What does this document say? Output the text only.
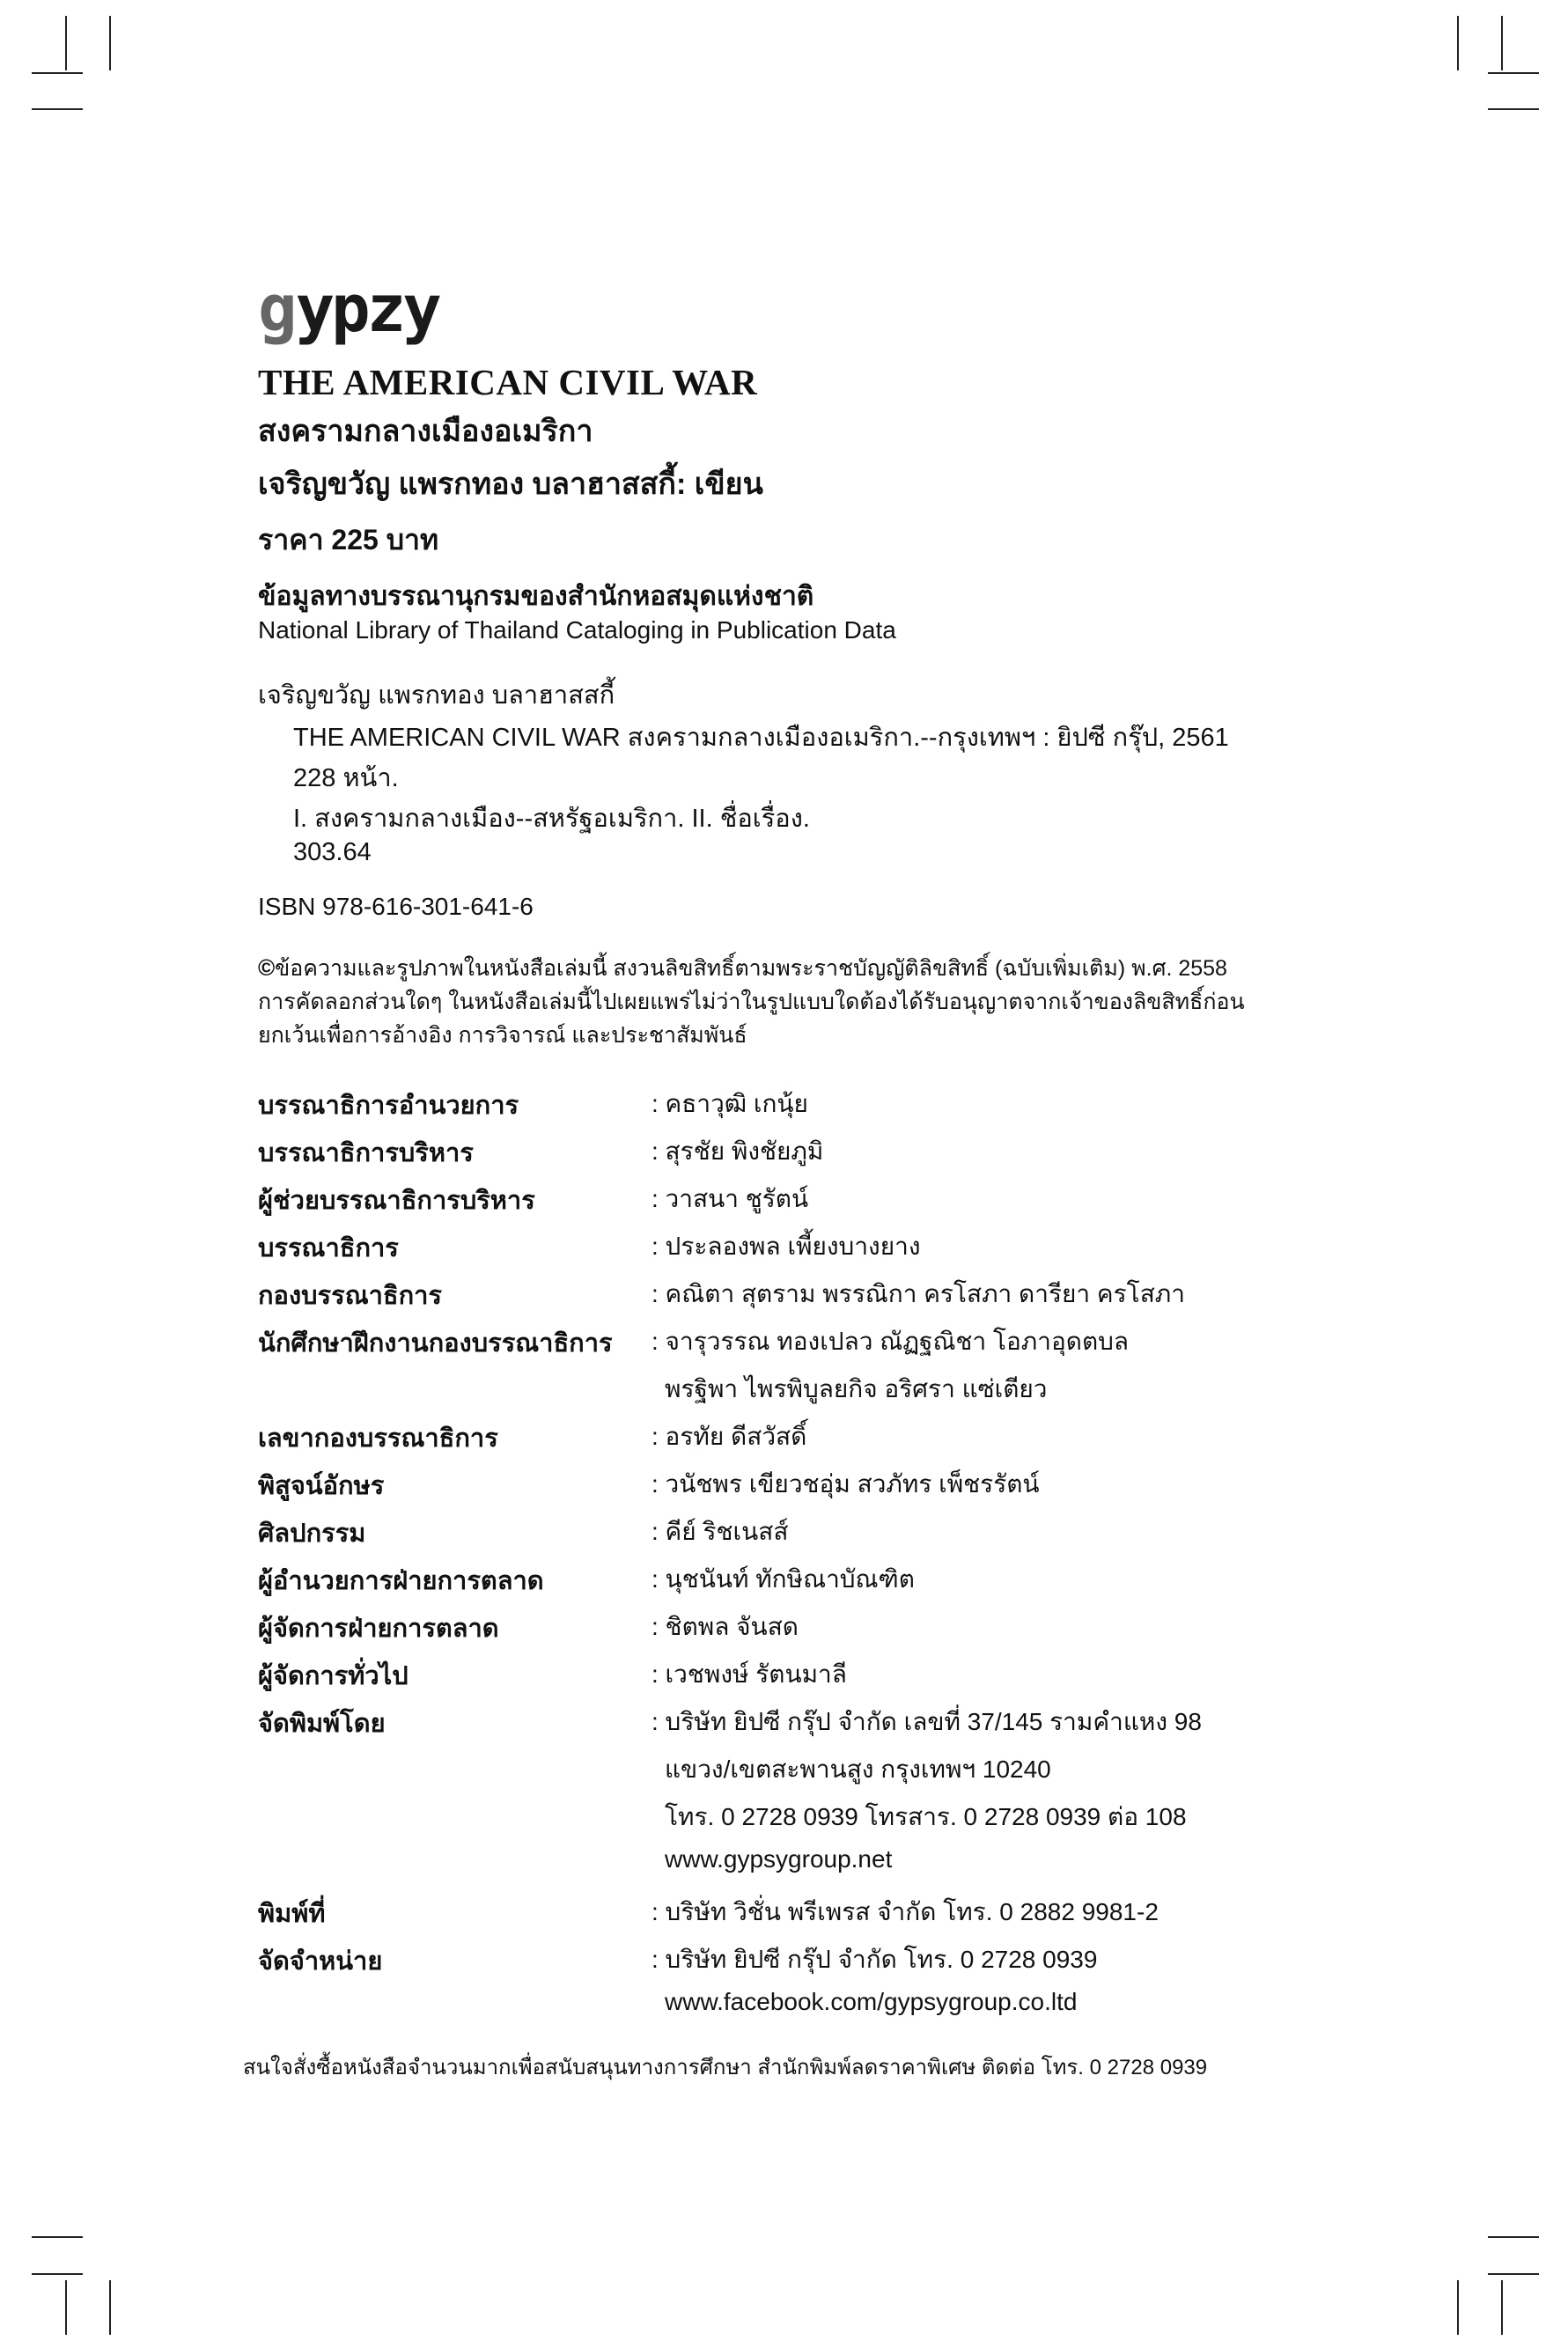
g ypzy
THE AMERICAN CIVIL WAR
สงครามกลางเมืองอเมริกา
เจริญขวัญ แพรกทอง บลาฮาสสกี้: เขียน
ราคา 225 บาท
ข้อมูลทางบรรณานุกรมของสำนักหอสมุดแห่งชาติ
National Library of Thailand Cataloging in Publication Data
เจริญขวัญ แพรกทอง บลาฮาสสกี้
THE AMERICAN CIVIL WAR สงครามกลางเมืองอเมริกา.--กรุงเทพฯ : ยิปซี กรุ๊ป, 2561
228 หน้า.
I. สงครามกลางเมือง--สหรัฐอเมริกา. II. ชื่อเรื่อง.
303.64
ISBN 978-616-301-641-6
©ข้อความและรูปภาพในหนังสือเล่มนี้ สงวนลิขสิทธิ์ตามพระราชบัญญัติลิขสิทธิ์ (ฉบับเพิ่มเติม) พ.ศ. 2558
การคัดลอกส่วนใดๆ ในหนังสือเล่มนี้ไปเผยแพร่ไม่ว่าในรูปแบบใดต้องได้รับอนุญาตจากเจ้าของลิขสิทธิ์ก่อน
ยกเว้นเพื่อการอ้างอิง การวิจารณ์ และประชาสัมพันธ์
บรรณาธิการอำนวยการ	: คธาวุฒิ เกนุ้ย
บรรณาธิการบริหาร	: สุรชัย พิงชัยภูมิ
ผู้ช่วยบรรณาธิการบริหาร	: วาสนา ชูรัตน์
บรรณาธิการ	: ประลองพล เพี้ยงบางยาง
กองบรรณาธิการ	: คณิตา สุตราม พรรณิกา ครโสภา ดารียา ครโสภา
นักศึกษาฝึกงานกองบรรณาธิการ : จารุวรรณ ทองเปลว ณัฏฐณิชา โอภาอุดตบล
พรฐิพา ไพรพิบูลยกิจ อริศรา แซ่เตียว
เลขากองบรรณาธิการ	: อรทัย ดีสวัสดิ์
พิสูจน์อักษร	: วนัชพร เขียวชอุ่ม สวภัทร เพ็ชรรัตน์
ศิลปกรรม	: คีย์ ริชเนสส์
ผู้อำนวยการฝ่ายการตลาด	: นุชนันท์ ทักษิณาบัณฑิต
ผู้จัดการฝ่ายการตลาด	: ชิตพล จันสด
ผู้จัดการทั่วไป	: เวชพงษ์ รัตนมาลี
จัดพิมพ์โดย	: บริษัท ยิปซี กรุ๊ป จำกัด เลขที่ 37/145 รามคำแหง 98
แขวง/เขตสะพานสูง กรุงเทพฯ 10240
โทร. 0 2728 0939 โทรสาร. 0 2728 0939 ต่อ 108
www.gypsygroup.net
พิมพ์ที่	: บริษัท วิชั่น พรีเพรส จำกัด โทร. 0 2882 9981-2
จัดจำหน่าย	: บริษัท ยิปซี กรุ๊ป จำกัด โทร. 0 2728 0939
www.facebook.com/gypsygroup.co.ltd
สนใจสั่งซื้อหนังสือจำนวนมากเพื่อสนับสนุนทางการศึกษา สำนักพิมพ์ลดราคาพิเศษ ติดต่อ โทร. 0 2728 0939
